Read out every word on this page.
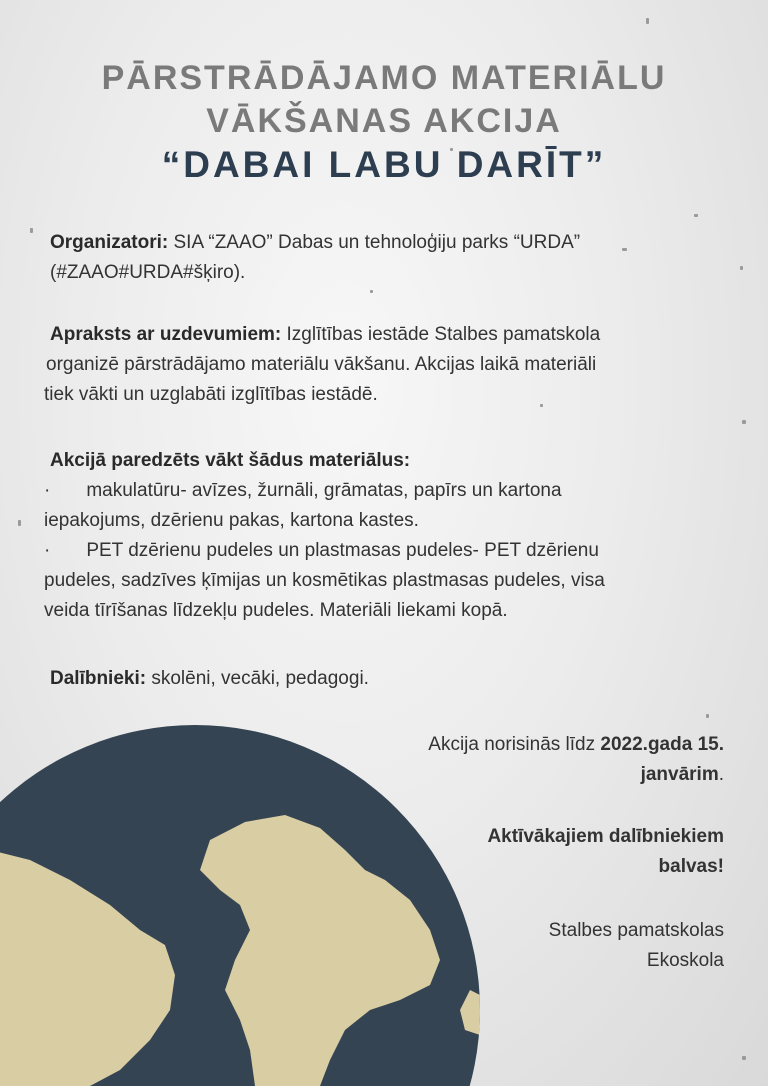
PĀRSTRĀDĀJAMO MATERIĀLU
VĀKŠANAS AKCIJA
“DABAI LABU DARĪT”
Organizatori: SIA “ZAAO” Dabas un tehnoloģiju parks “URDA”
(#ZAAO#URDA#šķiro).
Apraksts ar uzdevumiem: Izglītības iestāde Stalbes pamatskola
organizē pārstrādājamo materiālu vākšanu. Akcijas laikā materiāli
tiek vākti un uzglabāti izglītības iestādē.
Akcijā paredzēts vākt šādus materiālus:
· makulatūru- avīzes, žurnāli, grāmatas, papīrs un kartona
iepakojums, dzērienu pakas, kartona kastes.
· PET dzērienu pudeles un plastmasas pudeles- PET dzērienu
pudeles, sadzīves ķīmijas un kosmētikas plastmasas pudeles, visa
veida tīrīšanas līdzekļu pudeles. Materiāli liekami kopā.
Dalībnieki: skolēni, vecāki, pedagogi.
Akcija norisinās līdz 2022.gada 15.
janvārim.
Aktīvākajiem dalībniekiem
balvas!
Stalbes pamatskolas
Ekoskola
